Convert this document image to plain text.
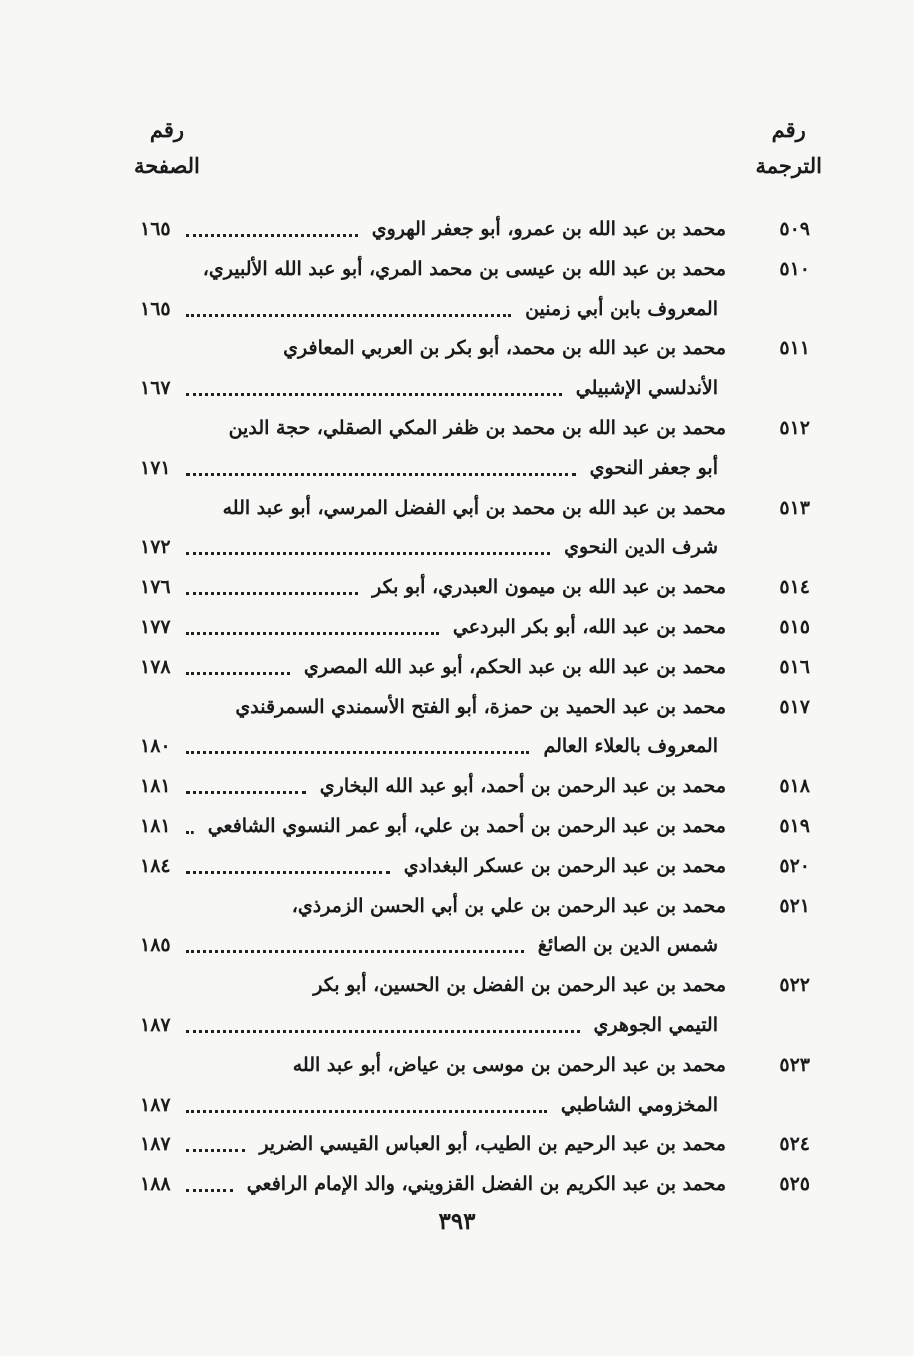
رقم
الترجمة
رقم
الصفحة
٥٠٩
محمد بن عبد الله بن عمرو، أبو جعفر الهروي
١٦٥
٥١٠
محمد بن عبد الله بن عيسى بن محمد المري، أبو عبد الله الألبيري،
المعروف بابن أبي زمنين
١٦٥
٥١١
محمد بن عبد الله بن محمد، أبو بكر بن العربي المعافري
الأندلسي الإشبيلي
١٦٧
٥١٢
محمد بن عبد الله بن محمد بن ظفر المكي الصقلي، حجة الدين
أبو جعفر النحوي
١٧١
٥١٣
محمد بن عبد الله بن محمد بن أبي الفضل المرسي، أبو عبد الله
شرف الدين النحوي
١٧٢
٥١٤
محمد بن عبد الله بن ميمون العبدري، أبو بكر
١٧٦
٥١٥
محمد بن عبد الله، أبو بكر البردعي
١٧٧
٥١٦
محمد بن عبد الله بن عبد الحكم، أبو عبد الله المصري
١٧٨
٥١٧
محمد بن عبد الحميد بن حمزة، أبو الفتح الأسمندي السمرقندي
المعروف بالعلاء العالم
١٨٠
٥١٨
محمد بن عبد الرحمن بن أحمد، أبو عبد الله البخاري
١٨١
٥١٩
محمد بن عبد الرحمن بن أحمد بن علي، أبو عمر النسوي الشافعي
١٨١
٥٢٠
محمد بن عبد الرحمن بن عسكر البغدادي
١٨٤
٥٢١
محمد بن عبد الرحمن بن علي بن أبي الحسن الزمرذي،
شمس الدين بن الصائغ
١٨٥
٥٢٢
محمد بن عبد الرحمن بن الفضل بن الحسين، أبو بكر
التيمي الجوهري
١٨٧
٥٢٣
محمد بن عبد الرحمن بن موسى بن عياض، أبو عبد الله
المخزومي الشاطبي
١٨٧
٥٢٤
محمد بن عبد الرحيم بن الطيب، أبو العباس القيسي الضرير
١٨٧
٥٢٥
محمد بن عبد الكريم بن الفضل القزويني، والد الإمام الرافعي
١٨٨
٣٩٣
